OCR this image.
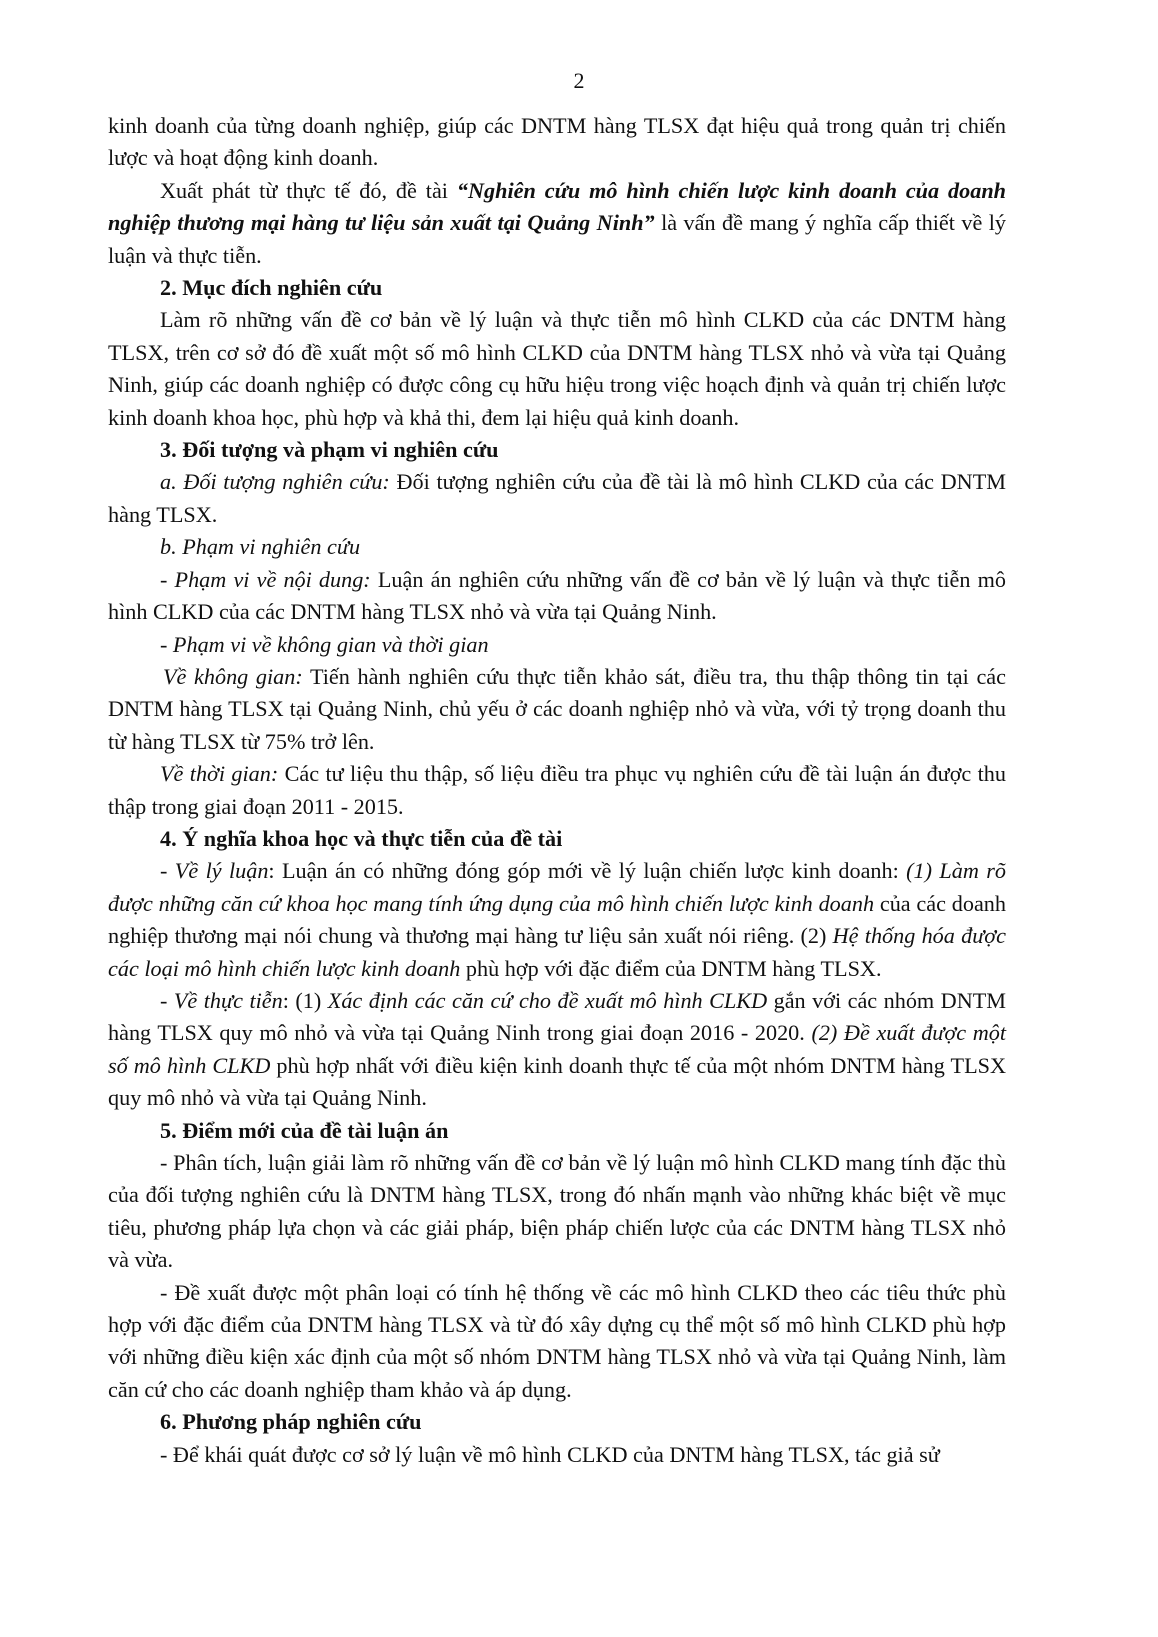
2

kinh doanh của từng doanh nghiệp, giúp các DNTM hàng TLSX đạt hiệu quả trong quản trị chiến lược và hoạt động kinh doanh.

Xuất phát từ thực tế đó, đề tài “Nghiên cứu mô hình chiến lược kinh doanh của doanh nghiệp thương mại hàng tư liệu sản xuất tại Quảng Ninh” là vấn đề mang ý nghĩa cấp thiết về lý luận và thực tiễn.

2. Mục đích nghiên cứu

Làm rõ những vấn đề cơ bản về lý luận và thực tiễn mô hình CLKD của các DNTM hàng TLSX, trên cơ sở đó đề xuất một số mô hình CLKD của DNTM hàng TLSX nhỏ và vừa tại Quảng Ninh, giúp các doanh nghiệp có được công cụ hữu hiệu trong việc hoạch định và quản trị chiến lược kinh doanh khoa học, phù hợp và khả thi, đem lại hiệu quả kinh doanh.

3. Đối tượng và phạm vi nghiên cứu

a. Đối tượng nghiên cứu: Đối tượng nghiên cứu của đề tài là mô hình CLKD của các DNTM hàng TLSX.

b. Phạm vi nghiên cứu

- Phạm vi về nội dung: Luận án nghiên cứu những vấn đề cơ bản về lý luận và thực tiễn mô hình CLKD của các DNTM hàng TLSX nhỏ và vừa tại Quảng Ninh.

- Phạm vi về không gian và thời gian

Về không gian: Tiến hành nghiên cứu thực tiễn khảo sát, điều tra, thu thập thông tin tại các DNTM hàng TLSX tại Quảng Ninh, chủ yếu ở các doanh nghiệp nhỏ và vừa, với tỷ trọng doanh thu từ hàng TLSX từ 75% trở lên.

Về thời gian: Các tư liệu thu thập, số liệu điều tra phục vụ nghiên cứu đề tài luận án được thu thập trong giai đoạn 2011 - 2015.

4. Ý nghĩa khoa học và thực tiễn của đề tài

- Về lý luận: Luận án có những đóng góp mới về lý luận chiến lược kinh doanh: (1) Làm rõ được những căn cứ khoa học mang tính ứng dụng của mô hình chiến lược kinh doanh của các doanh nghiệp thương mại nói chung và thương mại hàng tư liệu sản xuất nói riêng. (2) Hệ thống hóa được các loại mô hình chiến lược kinh doanh phù hợp với đặc điểm của DNTM hàng TLSX.

- Về thực tiễn: (1) Xác định các căn cứ cho đề xuất mô hình CLKD gắn với các nhóm DNTM hàng TLSX quy mô nhỏ và vừa tại Quảng Ninh trong giai đoạn 2016 - 2020. (2) Đề xuất được một số mô hình CLKD phù hợp nhất với điều kiện kinh doanh thực tế của một nhóm DNTM hàng TLSX quy mô nhỏ và vừa tại Quảng Ninh.

5. Điểm mới của đề tài luận án

- Phân tích, luận giải làm rõ những vấn đề cơ bản về lý luận mô hình CLKD mang tính đặc thù của đối tượng nghiên cứu là DNTM hàng TLSX, trong đó nhấn mạnh vào những khác biệt về mục tiêu, phương pháp lựa chọn và các giải pháp, biện pháp chiến lược của các DNTM hàng TLSX nhỏ và vừa.

- Đề xuất được một phân loại có tính hệ thống về các mô hình CLKD theo các tiêu thức phù hợp với đặc điểm của DNTM hàng TLSX và từ đó xây dựng cụ thể một số mô hình CLKD phù hợp với những điều kiện xác định của một số nhóm DNTM hàng TLSX nhỏ và vừa tại Quảng Ninh, làm căn cứ cho các doanh nghiệp tham khảo và áp dụng.

6. Phương pháp nghiên cứu

- Để khái quát được cơ sở lý luận về mô hình CLKD của DNTM hàng TLSX, tác giả sử
